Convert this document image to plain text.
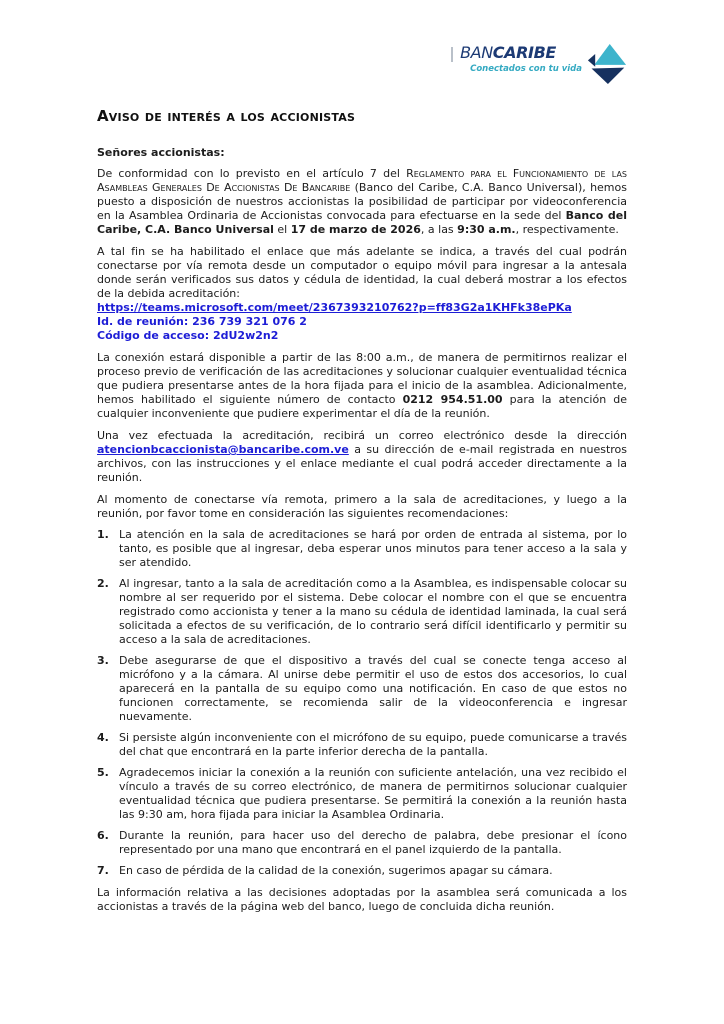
BANCARIBE
Conectados con tu vida
Aviso de interés a los accionistas

Señores accionistas:

De conformidad con lo previsto en el artículo 7 del Reglamento para el Funcionamiento de las Asambleas Generales De Accionistas De Bancaribe (Banco del Caribe, C.A. Banco Universal), hemos puesto a disposición de nuestros accionistas la posibilidad de participar por videoconferencia en la Asamblea Ordinaria de Accionistas convocada para efectuarse en la sede del Banco del Caribe, C.A. Banco Universal el 17 de marzo de 2026, a las 9:30 a.m., respectivamente.

A tal fin se ha habilitado el enlace que más adelante se indica, a través del cual podrán conectarse por vía remota desde un computador o equipo móvil para ingresar a la antesala donde serán verificados sus datos y cédula de identidad, la cual deberá mostrar a los efectos de la debida acreditación:

https://teams.microsoft.com/meet/2367393210762?p=ff83G2a1KHFk38ePKa

Id. de reunión: 236 739 321 076 2

Código de acceso: 2dU2w2n2

La conexión estará disponible a partir de las 8:00 a.m., de manera de permitirnos realizar el proceso previo de verificación de las acreditaciones y solucionar cualquier eventualidad técnica que pudiera presentarse antes de la hora fijada para el inicio de la asamblea. Adicionalmente, hemos habilitado el siguiente número de contacto 0212 954.51.00 para la atención de cualquier inconveniente que pudiere experimentar el día de la reunión.

Una vez efectuada la acreditación, recibirá un correo electrónico desde la dirección atencionbcaccionista@bancaribe.com.ve a su dirección de e-mail registrada en nuestros archivos, con las instrucciones y el enlace mediante el cual podrá acceder directamente a la reunión.

Al momento de conectarse vía remota, primero a la sala de acreditaciones, y luego a la reunión, por favor tome en consideración las siguientes recomendaciones:

1. La atención en la sala de acreditaciones se hará por orden de entrada al sistema, por lo tanto, es posible que al ingresar, deba esperar unos minutos para tener acceso a la sala y ser atendido.
2. Al ingresar, tanto a la sala de acreditación como a la Asamblea, es indispensable colocar su nombre al ser requerido por el sistema. Debe colocar el nombre con el que se encuentra registrado como accionista y tener a la mano su cédula de identidad laminada, la cual será solicitada a efectos de su verificación, de lo contrario será difícil identificarlo y permitir su acceso a la sala de acreditaciones.
3. Debe asegurarse de que el dispositivo a través del cual se conecte tenga acceso al micrófono y a la cámara. Al unirse debe permitir el uso de estos dos accesorios, lo cual aparecerá en la pantalla de su equipo como una notificación. En caso de que estos no funcionen correctamente, se recomienda salir de la videoconferencia e ingresar nuevamente.
4. Si persiste algún inconveniente con el micrófono de su equipo, puede comunicarse a través del chat que encontrará en la parte inferior derecha de la pantalla.
5. Agradecemos iniciar la conexión a la reunión con suficiente antelación, una vez recibido el vínculo a través de su correo electrónico, de manera de permitirnos solucionar cualquier eventualidad técnica que pudiera presentarse. Se permitirá la conexión a la reunión hasta las 9:30 am, hora fijada para iniciar la Asamblea Ordinaria.
6. Durante la reunión, para hacer uso del derecho de palabra, debe presionar el ícono representado por una mano que encontrará en el panel izquierdo de la pantalla.
7. En caso de pérdida de la calidad de la conexión, sugerimos apagar su cámara.

La información relativa a las decisiones adoptadas por la asamblea será comunicada a los accionistas a través de la página web del banco, luego de concluida dicha reunión.
